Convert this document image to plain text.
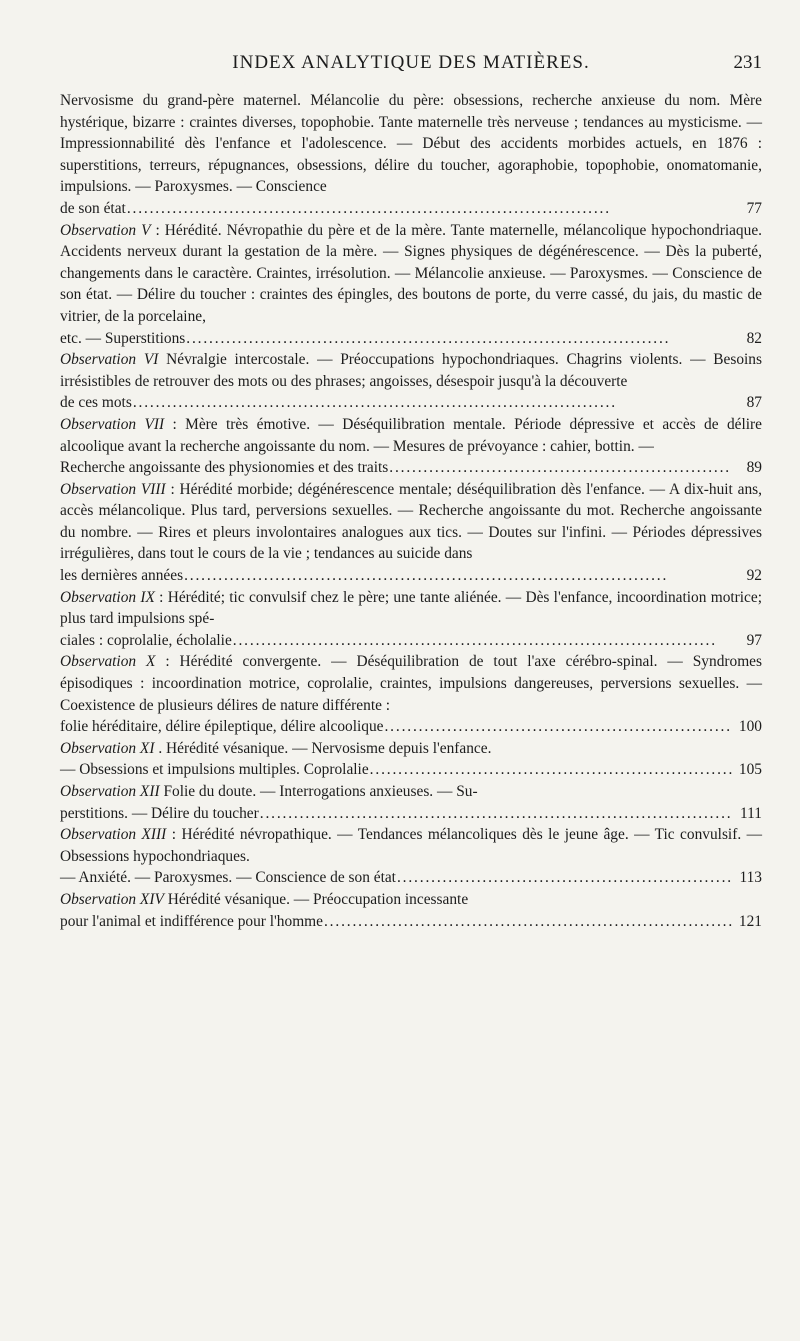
INDEX ANALYTIQUE DES MATIÈRES.	231

Nervosisme du grand-père maternel. Mélancolie du père: obsessions, recherche anxieuse du nom. Mère hystérique, bizarre : craintes diverses, topophobie. Tante maternelle très nerveuse ; tendances au mysticisme. — Impressionnabilité dès l'enfance et l'adolescence. — Début des accidents morbides actuels, en 1876 : superstitions, terreurs, répugnances, obsessions, délire du toucher, agoraphobie, topophobie, onomatomanie, impulsions. — Paroxysmes. — Conscience
de son état . . .	77

Observation V : Hérédité. Névropathie du père et de la mère. Tante maternelle, mélancolique hypochondriaque. Accidents nerveux durant la gestation de la mère. — Signes physiques de dégénérescence. — Dès la puberté, changements dans le caractère. Craintes, irrésolution. — Mélancolie anxieuse. — Paroxysmes. — Conscience de son état. — Délire du toucher : craintes des épingles, des boutons de porte, du verre cassé, du jais, du mastic de vitrier, de la porcelaine,
etc. — Superstitions . . .	82

Observation VI Névralgie intercostale. — Préoccupations hypochondriaques. Chagrins violents. — Besoins irrésistibles de retrouver des mots ou des phrases; angoisses, désespoir jusqu'à la découverte
de ces mots . . .	87

Observation VII : Mère très émotive. — Déséquilibration mentale. Période dépressive et accès de délire alcoolique avant la recherche angoissante du nom. — Mesures de prévoyance : cahier, bottin. —
Recherche angoissante des physionomies et des traits . . .	89

Observation VIII : Hérédité morbide; dégénérescence mentale; déséquilibration dès l'enfance. — A dix-huit ans, accès mélancolique. Plus tard, perversions sexuelles. — Recherche angoissante du mot. Recherche angoissante du nombre. — Rires et pleurs involontaires analogues aux tics. — Doutes sur l'infini. — Périodes dépressives irrégulières, dans tout le cours de la vie ; tendances au suicide dans
les dernières années . . .	92

Observation IX : Hérédité; tic convulsif chez le père; une tante aliénée. — Dès l'enfance, incoordination motrice; plus tard impulsions spé-
ciales : coprolalie, écholalie . . .	97

Observation X : Hérédité convergente. — Déséquilibration de tout l'axe cérébro-spinal. — Syndromes épisodiques : incoordination motrice, coprolalie, craintes, impulsions dangereuses, perversions sexuelles. — Coexistence de plusieurs délires de nature différente :
folie héréditaire, délire épileptique, délire alcoolique . . .	100

Observation XI . Hérédité vésanique. — Nervosisme depuis l'enfance.
— Obsessions et impulsions multiples. Coprolalie . . .	105

Observation XII Folie du doute. — Interrogations anxieuses. — Su-
perstitions. — Délire du toucher . . .	111

Observation XIII : Hérédité névropathique. — Tendances mélancoliques dès le jeune âge. — Tic convulsif. — Obsessions hypochondriaques.
— Anxiété. — Paroxysmes. — Conscience de son état . . .	113

Observation XIV Hérédité vésanique. — Préoccupation incessante
pour l'animal et indifférence pour l'homme . . .	121
